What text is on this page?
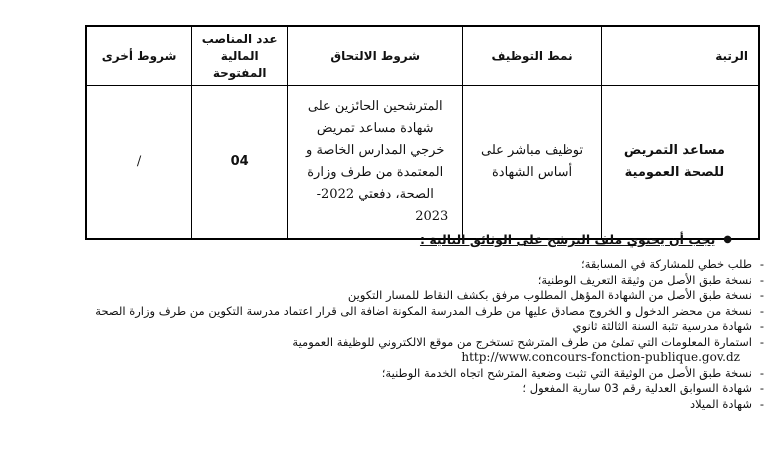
الرتبة	نمط التوظيف	شروط الالتحاق	عدد المناصب المالية المفتوحة	شروط أخرى
مساعد التمريض للصحة العمومية	توظيف مباشر على أساس الشهادة	المترشحين الحائزين على شهادة مساعد تمريض خرجي المدارس الخاصة و المعتمدة من طرف وزارة الصحة، دفعتي 2022-2023	04	/
●
يجب أن يحتوي ملف الترشح على الوثائق التالية :
- طلب خطي للمشاركة في المسابقة؛
- نسخة طبق الأصل من وثيقة التعريف الوطنية؛
- نسخة طبق الأصل من الشهادة المؤهل المطلوب مرفق بكشف النقاط للمسار التكوين
- نسخة من محضر الدخول و الخروج مصادق عليها من طرف المدرسة المكونة اضافة الى قرار اعتماد مدرسة التكوين من طرف وزارة الصحة
- شهادة مدرسية تثبة السنة الثالثة ثانوي
- استمارة المعلومات التي تملئ من طرف المترشح تستخرج من موقع الالكتروني للوظيفة العمومية
http://www.concours-fonction-publique.gov.dz
- نسخة طبق الأصل من الوثيقة التي تثبت وضعية المترشح اتجاه الخدمة الوطنية؛
- شهادة السوابق العدلية رقم 03 سارية المفعول ؛
- شهادة الميلاد
